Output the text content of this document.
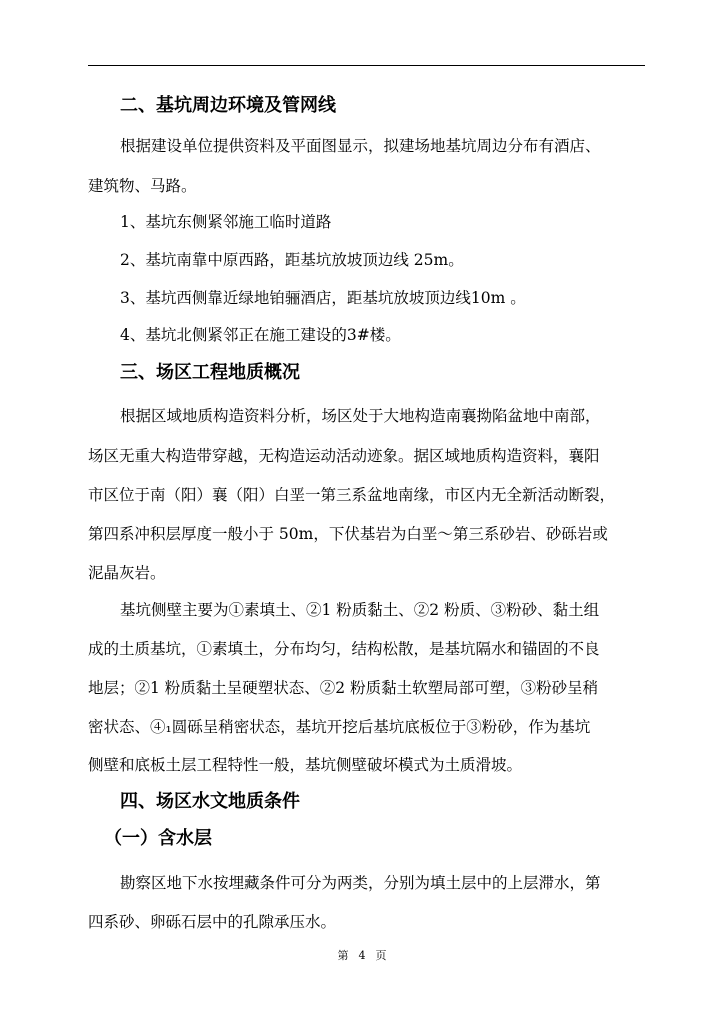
二、基坑周边环境及管网线
根据建设单位提供资料及平面图显示，拟建场地基坑周边分布有酒店、
建筑物、马路。
1、基坑东侧紧邻施工临时道路
2、基坑南靠中原西路，距基坑放坡顶边线 25m。
3、基坑西侧靠近绿地铂骊酒店，距基坑放坡顶边线10m 。
4、基坑北侧紧邻正在施工建设的3#楼。
三、场区工程地质概况
根据区域地质构造资料分析，场区处于大地构造南襄拗陷盆地中南部，
场区无重大构造带穿越，无构造运动活动迹象。据区域地质构造资料，襄阳
市区位于南（阳）襄（阳）白垩一第三系盆地南缘，市区内无全新活动断裂，
第四系冲积层厚度一般小于 50m，下伏基岩为白垩～第三系砂岩、砂砾岩或
泥晶灰岩。
基坑侧壁主要为①素填土、②1 粉质黏土、②2 粉质、③粉砂、黏土组
成的土质基坑，①素填土，分布均匀，结构松散，是基坑隔水和锚固的不良
地层；②1 粉质黏土呈硬塑状态、②2 粉质黏土软塑局部可塑，③粉砂呈稍
密状态、④₁圆砾呈稍密状态，基坑开挖后基坑底板位于③粉砂，作为基坑
侧壁和底板土层工程特性一般，基坑侧壁破坏模式为土质滑坡。
四、场区水文地质条件
（一）含水层
勘察区地下水按埋藏条件可分为两类，分别为填土层中的上层滞水，第
四系砂、卵砾石层中的孔隙承压水。
第 4 页
